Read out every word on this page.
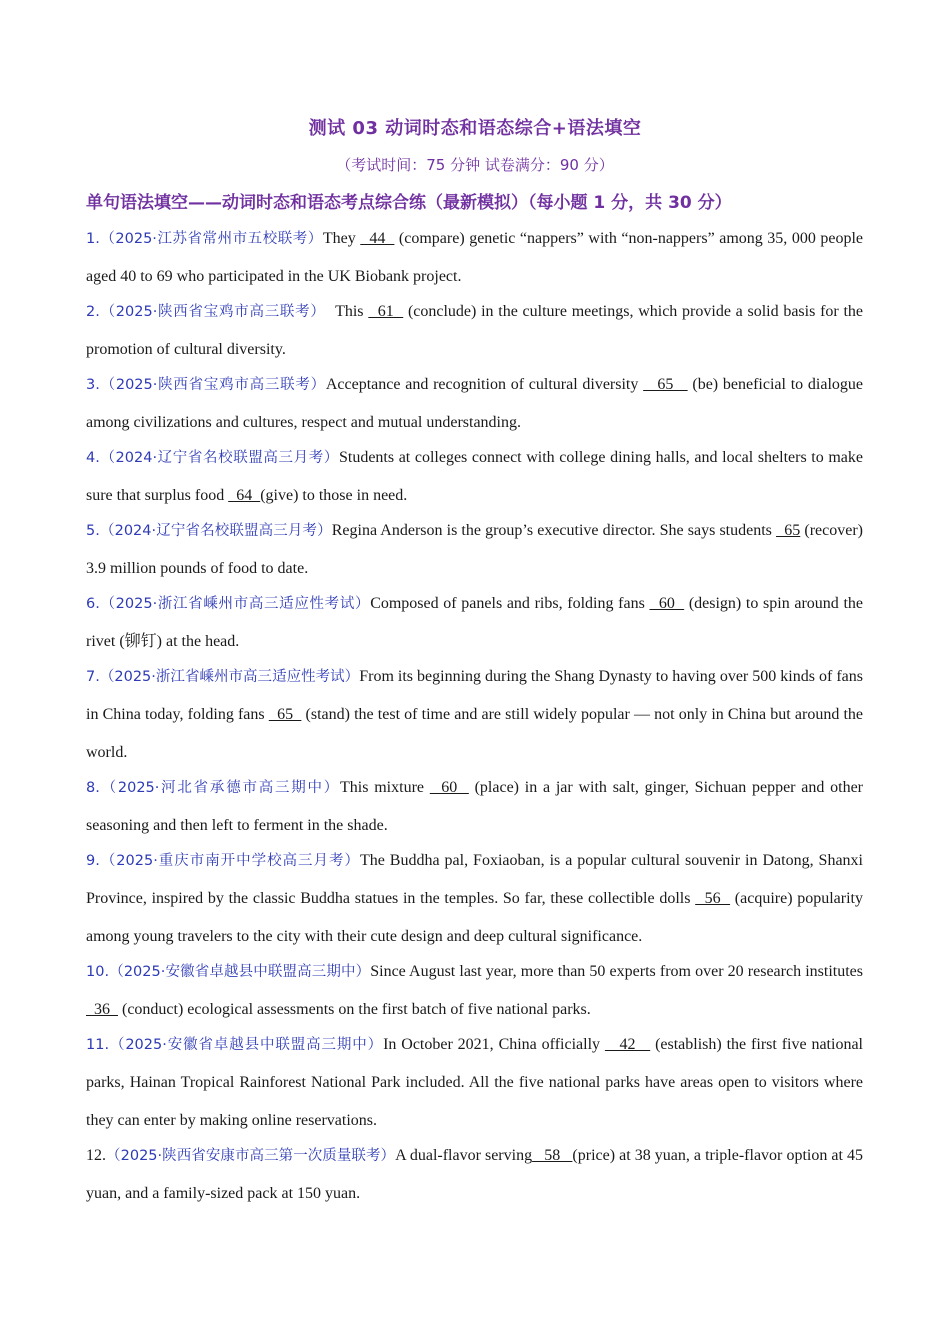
测试 03 动词时态和语态综合+语法填空
（考试时间：75 分钟 试卷满分：90 分）
单句语法填空——动词时态和语态考点综合练（最新模拟）（每小题 1 分，共 30 分）

1.（2025·江苏省常州市五校联考）They   44   (compare) genetic “nappers” with “non-nappers” among 35, 000 people aged 40 to 69 who participated in the UK Biobank project.

2.（2025·陕西省宝鸡市高三联考）  This   61   (conclude) in the culture meetings, which provide a solid basis for the promotion of cultural diversity.

3.（2025·陕西省宝鸡市高三联考）Acceptance and recognition of cultural diversity    65    (be) beneficial to dialogue among civilizations and cultures, respect and mutual understanding.

4.（2024·辽宁省名校联盟高三月考）Students at colleges connect with college dining halls, and local shelters to make sure that surplus food   64  (give) to those in need.

5.（2024·辽宁省名校联盟高三月考）Regina Anderson is the group’s executive director. She says students   65 (recover) 3.9 million pounds of food to date.

6.（2025·浙江省嵊州市高三适应性考试）Composed of panels and ribs, folding fans   60   (design) to spin around the rivet (铆钉) at the head.

7.（2025·浙江省嵊州市高三适应性考试）From its beginning during the Shang Dynasty to having over 500 kinds of fans in China today, folding fans   65   (stand) the test of time and are still widely popular — not only in China but around the world.

8.（2025·河北省承德市高三期中）This mixture   60   (place) in a jar with salt, ginger, Sichuan pepper and other seasoning and then left to ferment in the shade.

9.（2025·重庆市南开中学校高三月考）The Buddha pal, Foxiaoban, is a popular cultural souvenir in Datong, Shanxi Province, inspired by the classic Buddha statues in the temples. So far, these collectible dolls   56   (acquire) popularity among young travelers to the city with their cute design and deep cultural significance.

10.（2025·安徽省卓越县中联盟高三期中）Since August last year, more than 50 experts from over 20 research institutes   36   (conduct) ecological assessments on the first batch of five national parks.

11.（2025·安徽省卓越县中联盟高三期中）In October 2021, China officially    42    (establish) the first five national parks, Hainan Tropical Rainforest National Park included. All the five national parks have areas open to visitors where they can enter by making online reservations.

12.（2025·陕西省安康市高三第一次质量联考）A dual-flavor serving   58   (price) at 38 yuan, a triple-flavor option at 45 yuan, and a family-sized pack at 150 yuan.
